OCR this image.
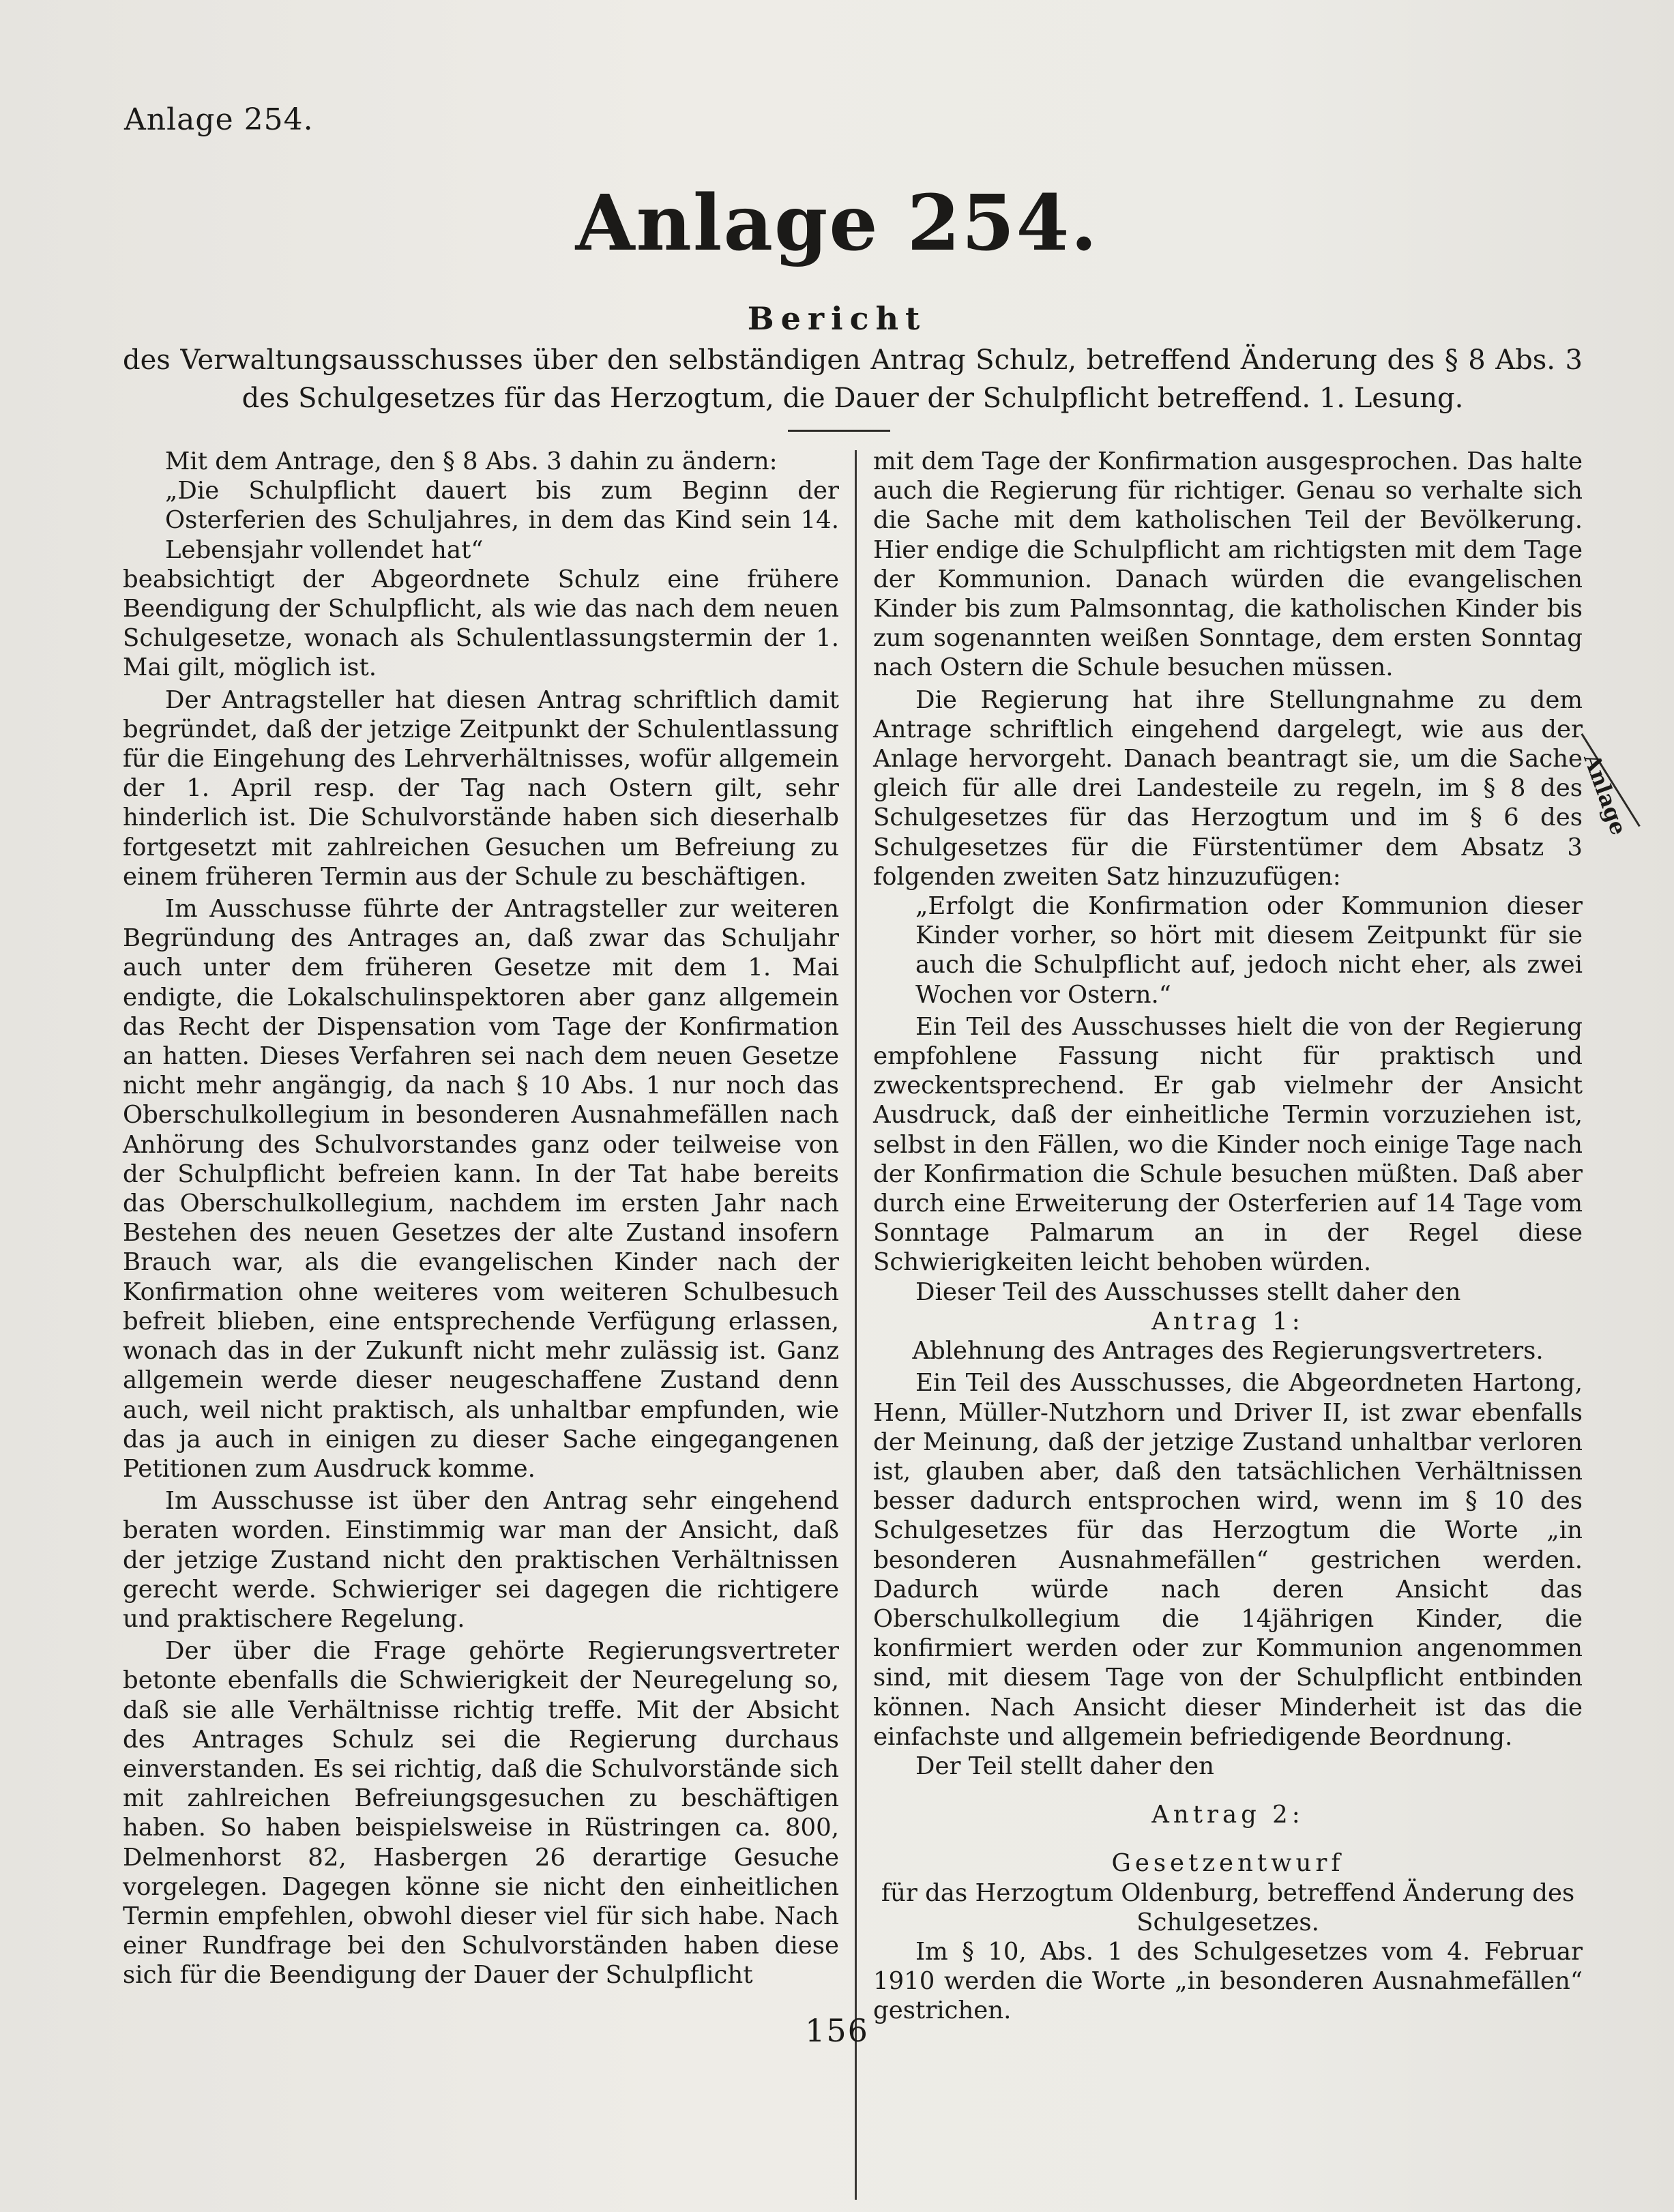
Anlage 254.
Anlage 254.
Bericht
des Verwaltungsausschusses über den selbständigen Antrag Schulz, betreffend Änderung des § 8 Abs. 3 des Schulgesetzes für das Herzogtum, die Dauer der Schulpflicht betreffend. 1. Lesung.

Mit dem Antrage, den § 8 Abs. 3 dahin zu ändern:

„Die Schulpflicht dauert bis zum Beginn der Osterferien des Schuljahres, in dem das Kind sein 14. Lebensjahr vollendet hat“

beabsichtigt der Abgeordnete Schulz eine frühere Beendigung der Schulpflicht, als wie das nach dem neuen Schulgesetze, wonach als Schulentlassungstermin der 1. Mai gilt, möglich ist.

Der Antragsteller hat diesen Antrag schriftlich damit begründet, daß der jetzige Zeitpunkt der Schulentlassung für die Eingehung des Lehrverhältnisses, wofür allgemein der 1. April resp. der Tag nach Ostern gilt, sehr hinderlich ist. Die Schulvorstände haben sich dieserhalb fortgesetzt mit zahlreichen Gesuchen um Befreiung zu einem früheren Termin aus der Schule zu beschäftigen.

Im Ausschusse führte der Antragsteller zur weiteren Begründung des Antrages an, daß zwar das Schuljahr auch unter dem früheren Gesetze mit dem 1. Mai endigte, die Lokalschulinspektoren aber ganz allgemein das Recht der Dispensation vom Tage der Konfirmation an hatten. Dieses Verfahren sei nach dem neuen Gesetze nicht mehr angängig, da nach § 10 Abs. 1 nur noch das Oberschulkollegium in besonderen Ausnahmefällen nach Anhörung des Schulvorstandes ganz oder teilweise von der Schulpflicht befreien kann. In der Tat habe bereits das Oberschulkollegium, nachdem im ersten Jahr nach Bestehen des neuen Gesetzes der alte Zustand insofern Brauch war, als die evangelischen Kinder nach der Konfirmation ohne weiteres vom weiteren Schulbesuch befreit blieben, eine entsprechende Verfügung erlassen, wonach das in der Zukunft nicht mehr zulässig ist. Ganz allgemein werde dieser neugeschaffene Zustand denn auch, weil nicht praktisch, als unhaltbar empfunden, wie das ja auch in einigen zu dieser Sache eingegangenen Petitionen zum Ausdruck komme.

Im Ausschusse ist über den Antrag sehr eingehend beraten worden. Einstimmig war man der Ansicht, daß der jetzige Zustand nicht den praktischen Verhältnissen gerecht werde. Schwieriger sei dagegen die richtigere und praktischere Regelung.

Der über die Frage gehörte Regierungsvertreter betonte ebenfalls die Schwierigkeit der Neuregelung so, daß sie alle Verhältnisse richtig treffe. Mit der Absicht des Antrages Schulz sei die Regierung durchaus einverstanden. Es sei richtig, daß die Schulvorstände sich mit zahlreichen Befreiungsgesuchen zu beschäftigen haben. So haben beispielsweise in Rüstringen ca. 800, Delmenhorst 82, Hasbergen 26 derartige Gesuche vorgelegen. Dagegen könne sie nicht den einheitlichen Termin empfehlen, obwohl dieser viel für sich habe. Nach einer Rundfrage bei den Schulvorständen haben diese sich für die Beendigung der Dauer der Schulpflicht

mit dem Tage der Konfirmation ausgesprochen. Das halte auch die Regierung für richtiger. Genau so verhalte sich die Sache mit dem katholischen Teil der Bevölkerung. Hier endige die Schulpflicht am richtigsten mit dem Tage der Kommunion. Danach würden die evangelischen Kinder bis zum Palmsonntag, die katholischen Kinder bis zum sogenannten weißen Sonntage, dem ersten Sonntag nach Ostern die Schule besuchen müssen.

Die Regierung hat ihre Stellungnahme zu dem Antrage schriftlich eingehend dargelegt, wie aus der Anlage hervorgeht. Danach beantragt sie, um die Sache gleich für alle drei Landesteile zu regeln, im § 8 des Schulgesetzes für das Herzogtum und im § 6 des Schulgesetzes für die Fürstentümer dem Absatz 3 folgenden zweiten Satz hinzuzufügen:

„Erfolgt die Konfirmation oder Kommunion dieser Kinder vorher, so hört mit diesem Zeitpunkt für sie auch die Schulpflicht auf, jedoch nicht eher, als zwei Wochen vor Ostern.“

Ein Teil des Ausschusses hielt die von der Regierung empfohlene Fassung nicht für praktisch und zweckentsprechend. Er gab vielmehr der Ansicht Ausdruck, daß der einheitliche Termin vorzuziehen ist, selbst in den Fällen, wo die Kinder noch einige Tage nach der Konfirmation die Schule besuchen müßten. Daß aber durch eine Erweiterung der Osterferien auf 14 Tage vom Sonntage Palmarum an in der Regel diese Schwierigkeiten leicht behoben würden.

Dieser Teil des Ausschusses stellt daher den

Antrag 1:

Ablehnung des Antrages des Regierungsvertreters.

Ein Teil des Ausschusses, die Abgeordneten Hartong, Henn, Müller-Nutzhorn und Driver II, ist zwar ebenfalls der Meinung, daß der jetzige Zustand unhaltbar verloren ist, glauben aber, daß den tatsächlichen Verhältnissen besser dadurch entsprochen wird, wenn im § 10 des Schulgesetzes für das Herzogtum die Worte „in besonderen Ausnahmefällen“ gestrichen werden. Dadurch würde nach deren Ansicht das Oberschulkollegium die 14jährigen Kinder, die konfirmiert werden oder zur Kommunion angenommen sind, mit diesem Tage von der Schulpflicht entbinden können. Nach Ansicht dieser Minderheit ist das die einfachste und allgemein befriedigende Beordnung.

Der Teil stellt daher den

Antrag 2:

Gesetzentwurf

für das Herzogtum Oldenburg, betreffend Änderung des Schulgesetzes.

Im § 10, Abs. 1 des Schulgesetzes vom 4. Februar 1910 werden die Worte „in besonderen Ausnahmefällen“ gestrichen.

Anlage
156
